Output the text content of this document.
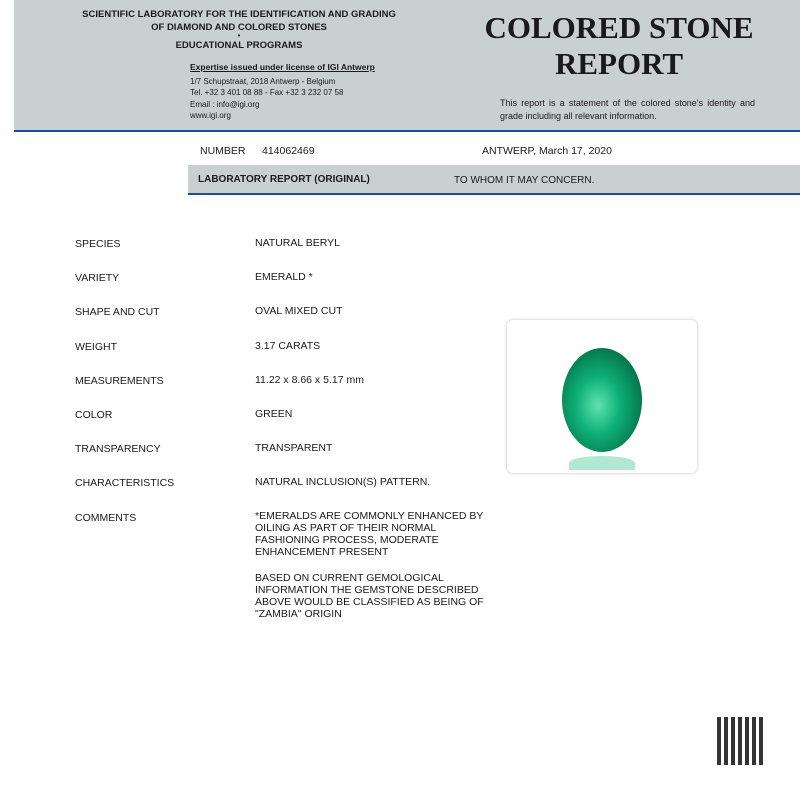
SCIENTIFIC LABORATORY FOR THE IDENTIFICATION AND GRADING
OF DIAMOND AND COLORED STONES
•
EDUCATIONAL PROGRAMS
Expertise issued under license of IGI Antwerp
1/7 Schupstraat, 2018 Antwerp - Belgium
Tel. +32 3 401 08 88 - Fax +32 3 232 07 58
Email : info@igi.org
www.igi.org
COLORED STONE
REPORT
This report is a statement of the colored stone's identity and grade including all relevant information.
NUMBER 414062469	ANTWERP, March 17, 2020
LABORATORY REPORT (ORIGINAL)	TO WHOM IT MAY CONCERN.
SPECIES	NATURAL BERYL
VARIETY	EMERALD *
SHAPE AND CUT	OVAL MIXED CUT
WEIGHT	3.17 CARATS
MEASUREMENTS	11.22 x 8.66 x 5.17 mm
COLOR	GREEN
TRANSPARENCY	TRANSPARENT
CHARACTERISTICS	NATURAL INCLUSION(S) PATTERN.
COMMENTS	*EMERALDS ARE COMMONLY ENHANCED BY OILING AS PART OF THEIR NORMAL FASHIONING PROCESS, MODERATE ENHANCEMENT PRESENT
BASED ON CURRENT GEMOLOGICAL INFORMATION THE GEMSTONE DESCRIBED ABOVE WOULD BE CLASSIFIED AS BEING OF "ZAMBIA" ORIGIN
